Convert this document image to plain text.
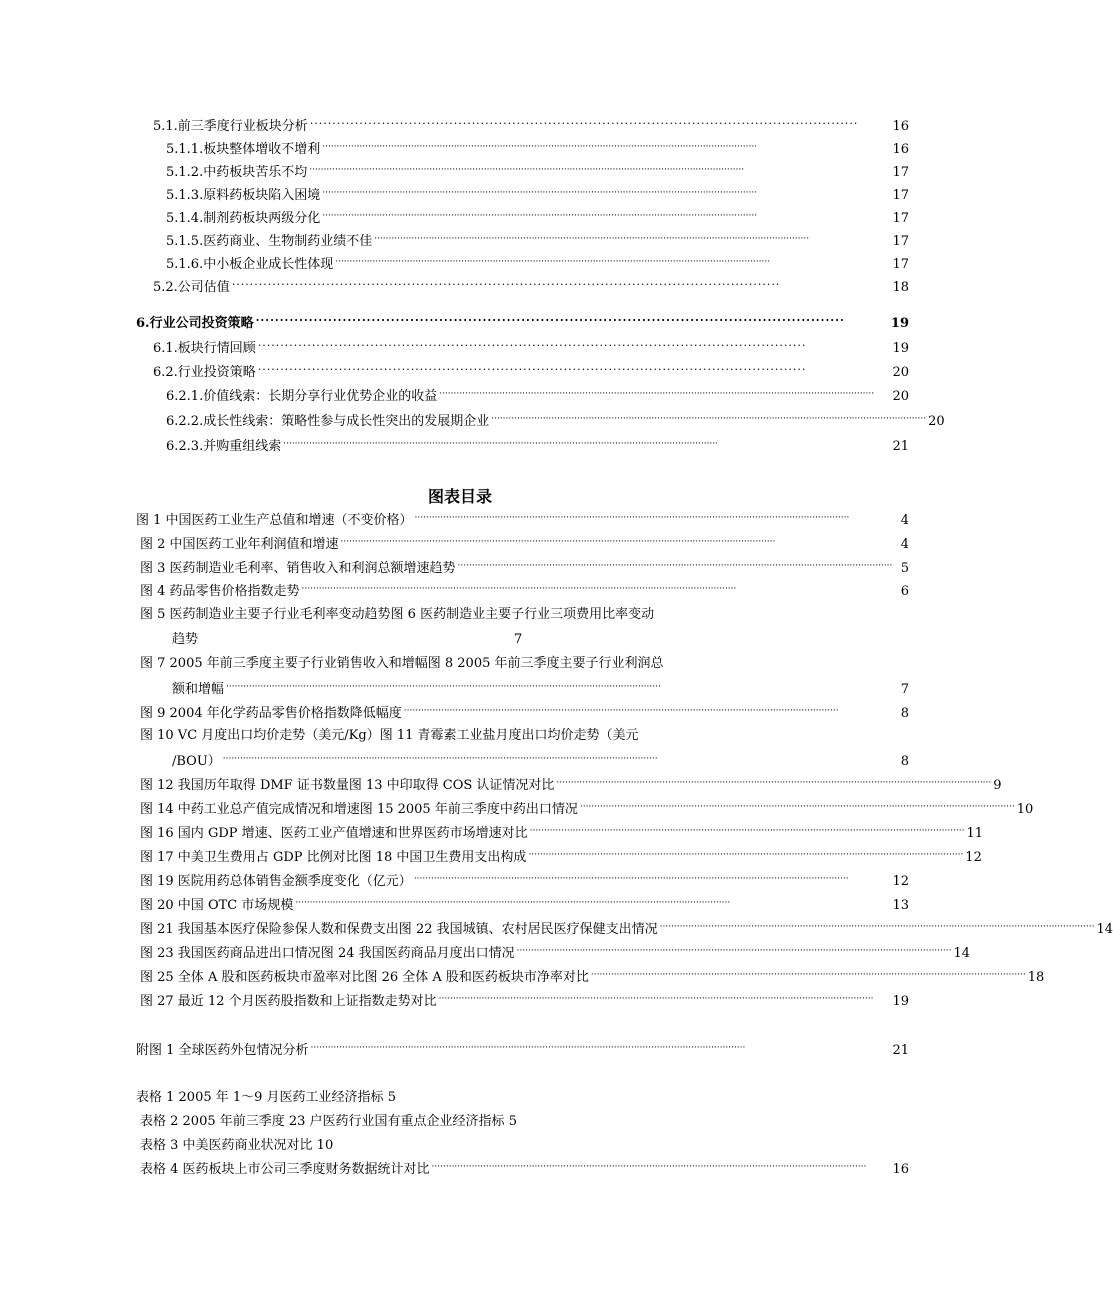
5.1.前三季度行业板块分析 ··························································································································	16
5.1.1.板块整体增收不增利 ························································································································································	16
5.1.2.中药板块苦乐不均 ························································································································································	17
5.1.3.原料药板块陷入困境 ························································································································································	17
5.1.4.制剂药板块两级分化 ························································································································································	17
5.1.5.医药商业、生物制药业绩不佳 ························································································································································	17
5.1.6.中小板企业成长性体现 ························································································································································	17
5.2.公司估值 ··························································································································	18
6.行业公司投资策略 ··························································································································	19
6.1.板块行情回顾 ··························································································································	19
6.2.行业投资策略 ··························································································································	20
6.2.1.价值线索：长期分享行业优势企业的收益 ························································································································································	20
6.2.2.成长性线索：策略性参与成长性突出的发展期企业 ························································································································································ 20
6.2.3.并购重组线索 ························································································································································	21
图表目录
图 1 中国医药工业生产总值和增速（不变价格） ························································································································································	4
图 2 中国医药工业年利润值和增速 ························································································································································	4
图 3 医药制造业毛利率、销售收入和利润总额增速趋势 ························································································································································ 5
图 4 药品零售价格指数走势 ························································································································································	6
图 5 医药制造业主要子行业毛利率变动趋势图 6 医药制造业主要子行业三项费用比率变动
趋势	7
图 7 2005 年前三季度主要子行业销售收入和增幅图 8 2005 年前三季度主要子行业利润总
额和增幅 ························································································································································	7
图 9 2004 年化学药品零售价格指数降低幅度 ························································································································································	8
图 10 VC 月度出口均价走势（美元/Kg）图 11 青霉素工业盐月度出口均价走势（美元
/BOU） ························································································································································	8
图 12 我国历年取得 DMF 证书数量图 13 中印取得 COS 认证情况对比 ························································································································································ 9
图 14 中药工业总产值完成情况和增速图 15 2005 年前三季度中药出口情况 ························································································································································ 10
图 16 国内 GDP 增速、医药工业产值增速和世界医药市场增速对比 ························································································································································ 11
图 17 中美卫生费用占 GDP 比例对比图 18 中国卫生费用支出构成 ························································································································································ 12
图 19 医院用药总体销售金额季度变化（亿元） ························································································································································	12
图 20 中国 OTC 市场规模 ························································································································································	13
图 21 我国基本医疗保险参保人数和保费支出图 22 我国城镇、农村居民医疗保健支出情况 ························································································································································ 14
图 23 我国医药商品进出口情况图 24 我国医药商品月度出口情况 ························································································································································ 14
图 25 全体 A 股和医药板块市盈率对比图 26 全体 A 股和医药板块市净率对比 ························································································································································ 18
图 27 最近 12 个月医药股指数和上证指数走势对比 ························································································································································	19
附图 1 全球医药外包情况分析 ························································································································································	21
表格 1 2005 年 1～9 月医药工业经济指标 5
表格 2 2005 年前三季度 23 户医药行业国有重点企业经济指标 5
表格 3 中美医药商业状况对比 10
表格 4 医药板块上市公司三季度财务数据统计对比 ························································································································································	16
